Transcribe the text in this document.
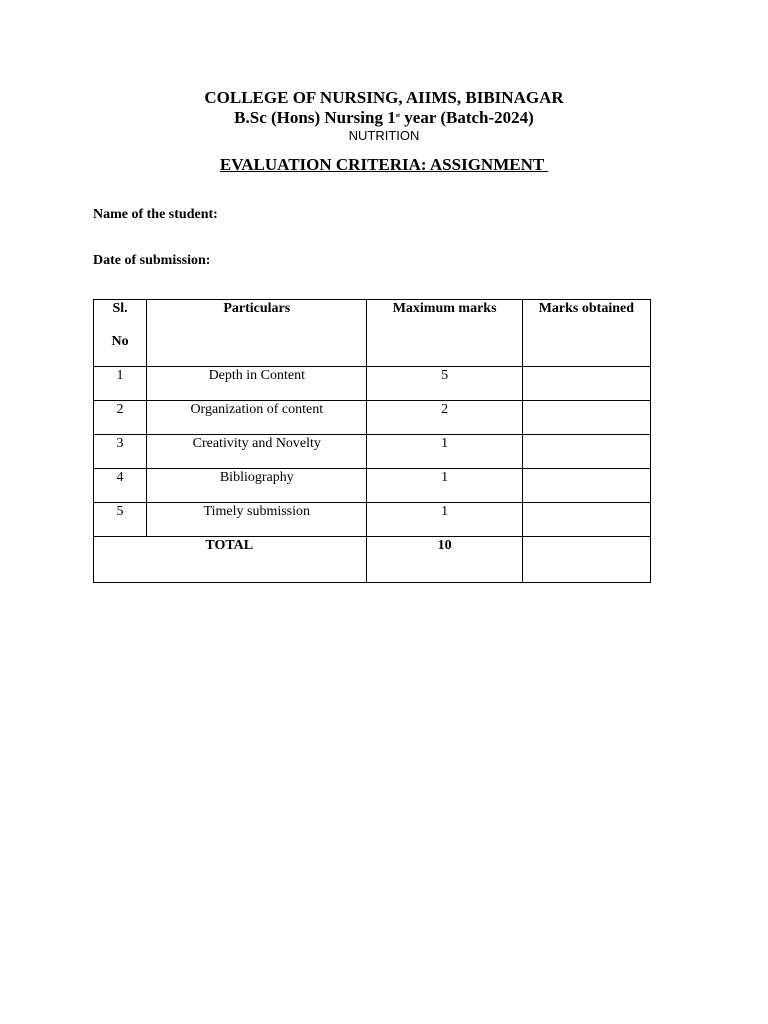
COLLEGE OF NURSING, AIIMS, BIBINAGAR
B.Sc (Hons) Nursing 1st year (Batch-2024)
NUTRITION
EVALUATION CRITERIA: ASSIGNMENT
Name of the student:
Date of submission:
Sl.
No	Particulars	Maximum marks	Marks obtained
1	Depth in Content	5	
2	Organization of content	2	
3	Creativity and Novelty	1	
4	Bibliography	1	
5	Timely submission	1	
TOTAL		10	
